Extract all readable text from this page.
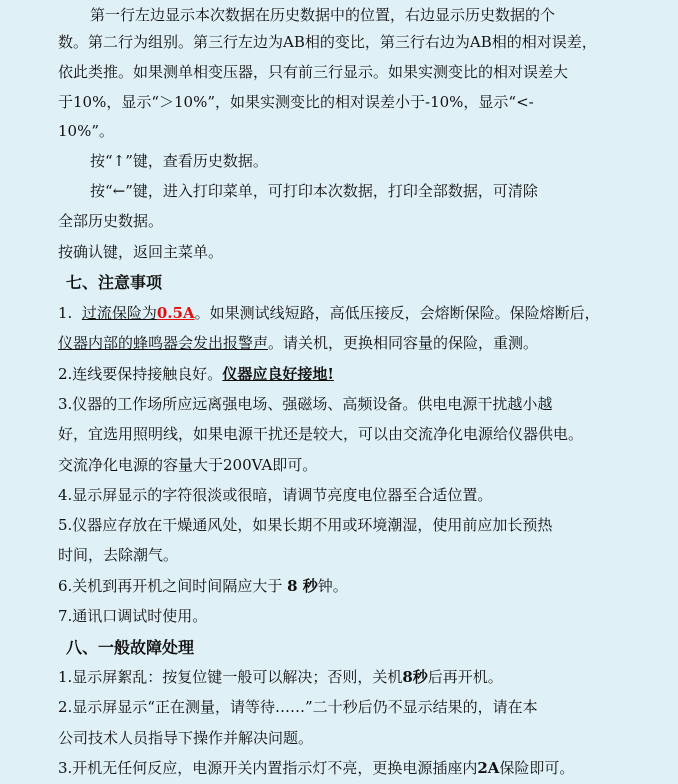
第一行左边显示本次数据在历史数据中的位置，右边显示历史数据的个
数。第二行为组别。第三行左边为AB相的变比，第三行右边为AB相的相对误差，
依此类推。如果测单相变压器，只有前三行显示。如果实测变比的相对误差大
于10%，显示“＞10%”，如果实测变比的相对误差小于-10%，显示“<-
10%”。
按“↑”键，查看历史数据。
按“←”键，进入打印菜单，可打印本次数据，打印全部数据，可清除
全部历史数据。
按确认键，返回主菜单。
七、注意事项
1. 过流保险为0.5A。如果测试线短路，高低压接反，会熔断保险。保险熔断后，
仪器内部的蜂鸣器会发出报警声。请关机，更换相同容量的保险，重测。
2.连线要保持接触良好。仪器应良好接地!
3.仪器的工作场所应远离强电场、强磁场、高频设备。供电电源干扰越小越
好，宜选用照明线，如果电源干扰还是较大，可以由交流净化电源给仪器供电。
交流净化电源的容量大于200VA即可。
4.显示屏显示的字符很淡或很暗，请调节亮度电位器至合适位置。
5.仪器应存放在干燥通风处，如果长期不用或环境潮湿，使用前应加长预热
时间，去除潮气。
6.关机到再开机之间时间隔应大于 8 秒钟。
7.通讯口调试时使用。
八、一般故障处理
1.显示屏絮乱：按复位键一般可以解决；否则，关机8秒后再开机。
2.显示屏显示“正在测量，请等待……”二十秒后仍不显示结果的，请在本
公司技术人员指导下操作并解决问题。
3.开机无任何反应，电源开关内置指示灯不亮，更换电源插座内2A保险即可。
